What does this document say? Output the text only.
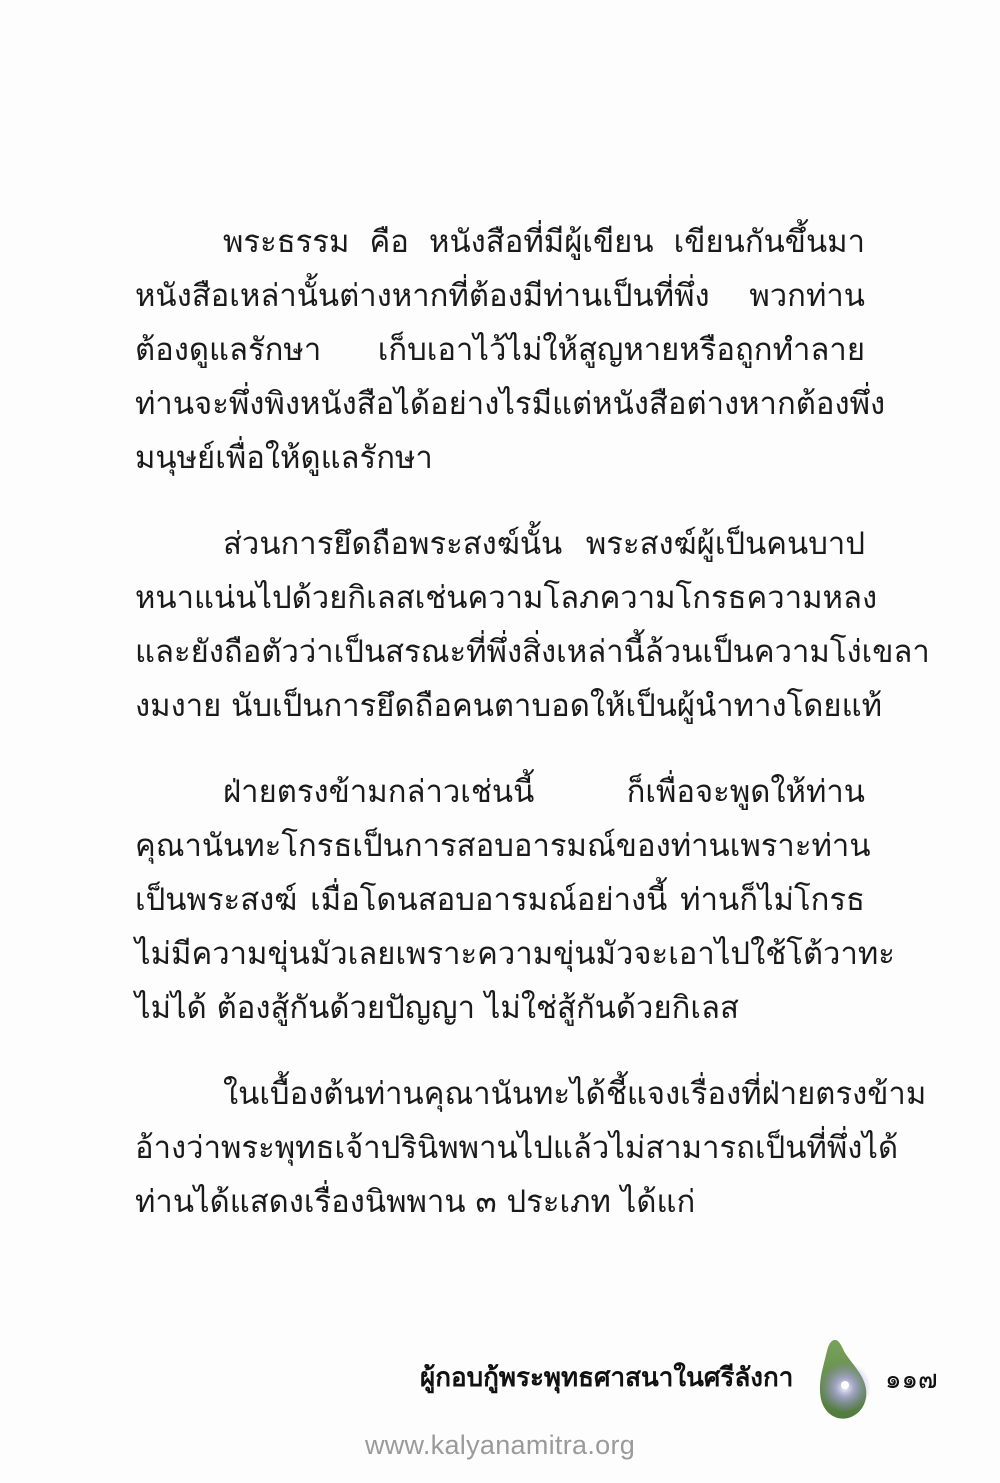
พระธรรม คือ หนังสือที่มีผู้เขียน เขียนกันขึ้นมา
หนังสือเหล่านั้นต่างหากที่ต้องมีท่านเป็นที่พึ่ง พวกท่าน
ต้องดูแลรักษา เก็บเอาไว้ไม่ให้สูญหายหรือถูกทำลาย
ท่านจะพึ่งพิงหนังสือได้อย่างไร มีแต่หนังสือต่างหากต้องพึ่ง
มนุษย์เพื่อให้ดูแลรักษา
ส่วนการยึดถือพระสงฆ์นั้น พระสงฆ์ผู้เป็นคนบาป
หนาแน่นไปด้วยกิเลส เช่น ความโลภ ความโกรธ ความหลง
และยังถือตัวว่าเป็นสรณะที่พึ่ง สิ่งเหล่านี้ล้วนเป็นความโง่เขลา
งมงาย นับเป็นการยึดถือคนตาบอดให้เป็นผู้นำทางโดยแท้
ฝ่ายตรงข้ามกล่าวเช่นนี้	ก็เพื่อจะพูดให้ท่าน
คุณานันทะโกรธ เป็นการสอบอารมณ์ของท่าน เพราะท่าน
เป็นพระสงฆ์ เมื่อโดนสอบอารมณ์อย่างนี้ ท่านก็ไม่โกรธ
ไม่มีความขุ่นมัวเลย เพราะความขุ่นมัวจะเอาไปใช้โต้วาทะ
ไม่ได้ ต้องสู้กันด้วยปัญญา ไม่ใช่สู้กันด้วยกิเลส
ในเบื้องต้น ท่านคุณานันทะได้ชี้แจงเรื่องที่ฝ่ายตรงข้าม
อ้างว่า พระพุทธเจ้าปรินิพพานไปแล้ว ไม่สามารถเป็นที่พึ่งได้
ท่านได้แสดงเรื่องนิพพาน ๓ ประเภท ได้แก่
ผู้กอบกู้พระพุทธศาสนาในศรีลังกา	๑๑๗
www.kalyanamitra.org
